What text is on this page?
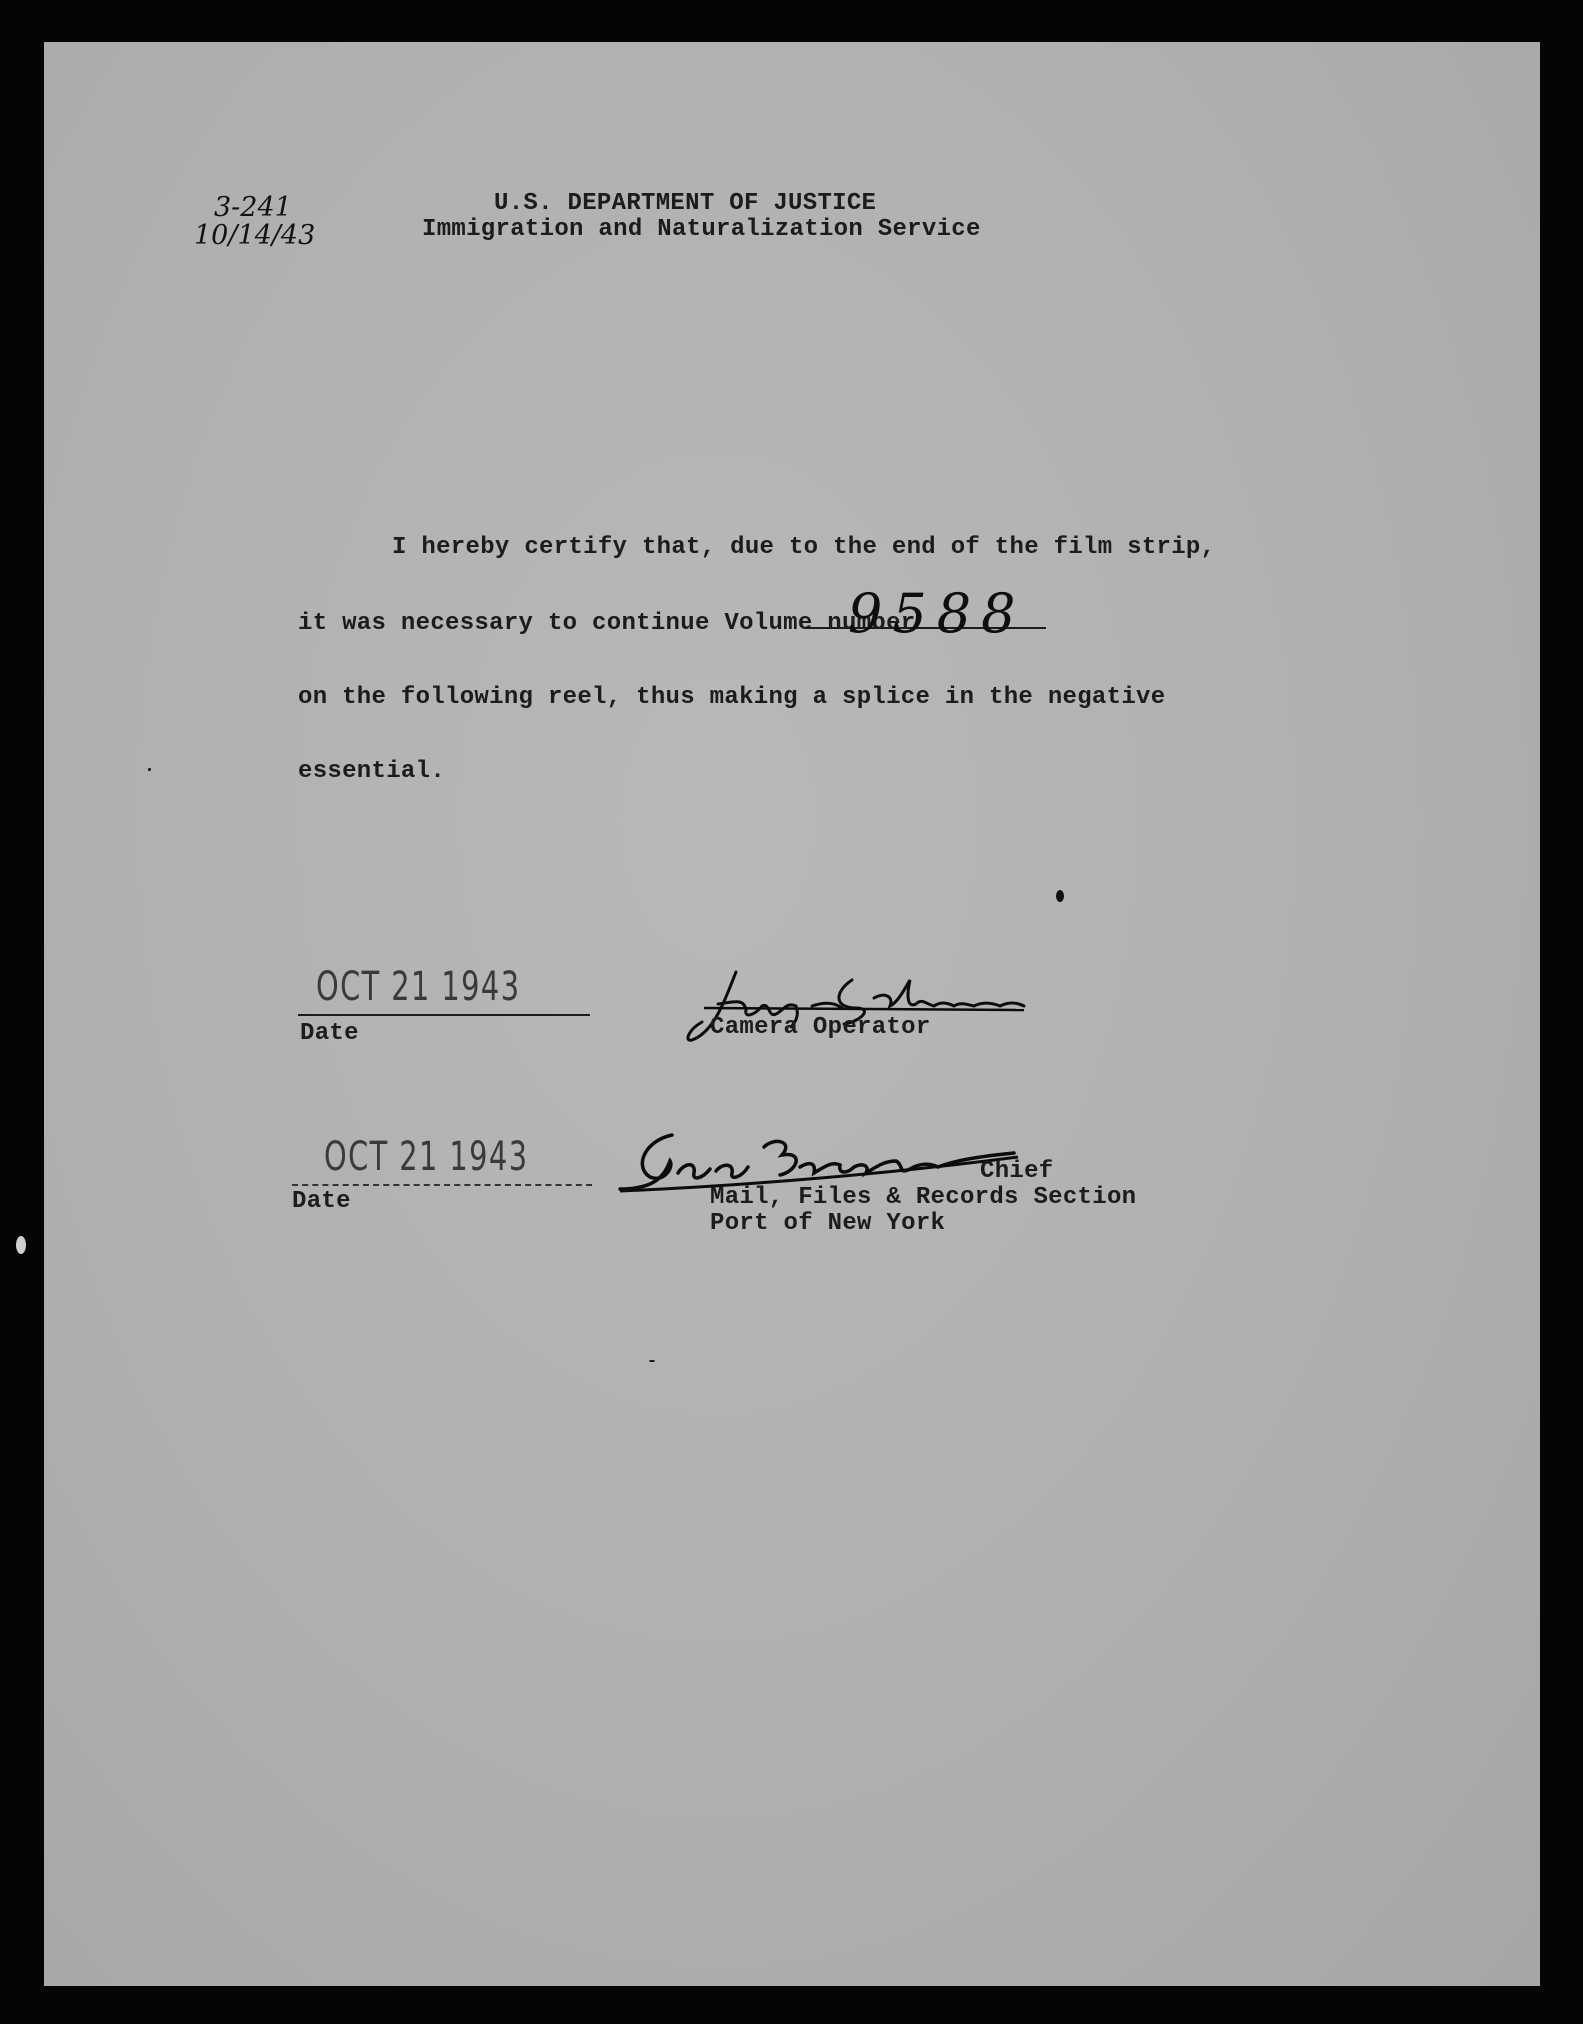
3-241
10/14/43
U.S. DEPARTMENT OF JUSTICE
Immigration and Naturalization Service
I hereby certify that, due to the end of the film strip,
it was necessary to continue Volume number
9588
on the following reel, thus making a splice in the negative
essential.
OCT 21 1943
Date	Camera Operator
OCT 21 1943
Date
Chief
Mail, Files & Records Section
Port of New York
